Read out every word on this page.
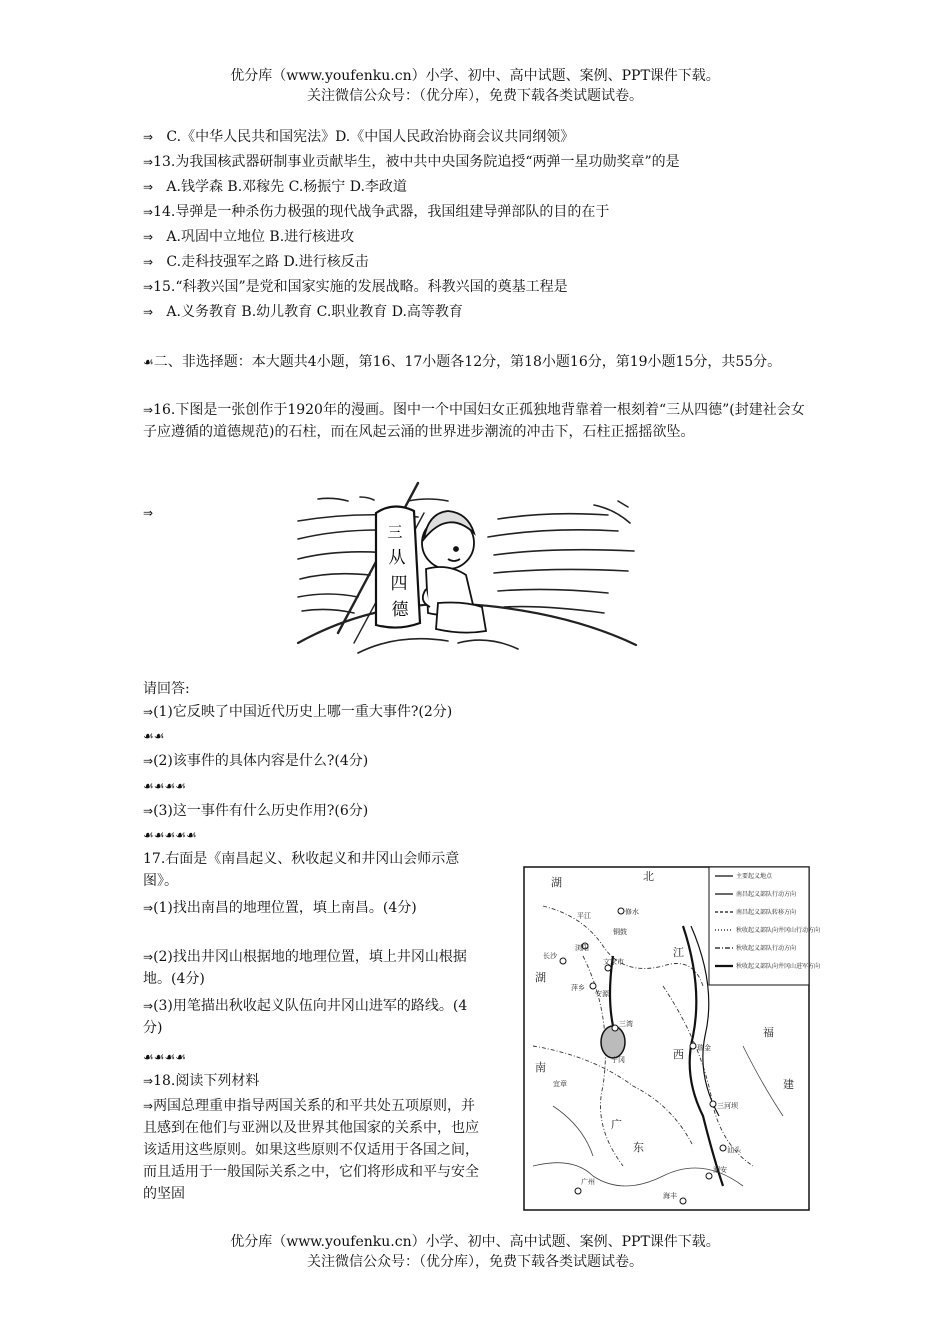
优分库（www.youfenku.cn）小学、初中、高中试题、案例、PPT课件下载。
关注微信公众号：（优分库），免费下载各类试题试卷。
⇒ C.《中华人民共和国宪法》D.《中国人民政治协商会议共同纲领》
⇒13.为我国核武器研制事业贡献毕生，被中共中央国务院追授“两弹一星功勋奖章”的是
⇒ A.钱学森 B.邓稼先 C.杨振宁 D.李政道
⇒14.导弹是一种杀伤力极强的现代战争武器，我国组建导弹部队的目的在于
⇒ A.巩固中立地位 B.进行核进攻
⇒ C.走科技强军之路 D.进行核反击
⇒15.“科教兴国”是党和国家实施的发展战略。科教兴国的奠基工程是
⇒ A.义务教育 B.幼儿教育 C.职业教育 D.高等教育
☙二、非选择题：本大题共4小题，第16、17小题各12分，第18小题16分，第19小题15分，共55分。
⇒16.下图是一张创作于1920年的漫画。图中一个中国妇女正孤独地背靠着一根刻着“三从四德”(封建社会女子应遵循的道德规范)的石柱，而在风起云涌的世界进步潮流的冲击下，石柱正摇摇欲坠。
⇒
三
从
四
德
请回答:
⇒(1)它反映了中国近代历史上哪一重大事件?(2分)
☙☙
⇒(2)该事件的具体内容是什么?(4分)
☙☙☙☙
⇒(3)这一事件有什么历史作用?(6分)
☙☙☙☙☙
17.右面是《南昌起义、秋收起义和井冈山会师示意图》。
⇒(1)找出南昌的地理位置，填上南昌。(4分)
⇒(2)找出井冈山根据地的地理位置，填上井冈山根据地。(4分)
⇒(3)用笔描出秋收起义队伍向井冈山进军的路线。(4分)
☙☙☙☙
⇒18.阅读下列材料
⇒两国总理重申指导两国关系的和平共处五项原则，并且感到在他们与亚洲以及世界其他国家的关系中，也应该适用这些原则。如果这些原则不仅适用于各国之间，而且适用于一般国际关系之中，它们将形成和平与安全的坚固
湖	北
江
西
湖
南
广
东
福
建
修水
平江
铜鼓
浏阳
长沙
文家市
萍乡
安源
三湾
宁冈
瑞金
宜章
三河坝
汕头
潮安
广州
海丰
主要起义地点
南昌起义部队行动方向
南昌起义部队转移方向
秋收起义部队向井冈山行动方向
秋收起义部队行动方向
秋收起义部队向井冈山进军方向
优分库（www.youfenku.cn）小学、初中、高中试题、案例、PPT课件下载。
关注微信公众号：（优分库），免费下载各类试题试卷。
